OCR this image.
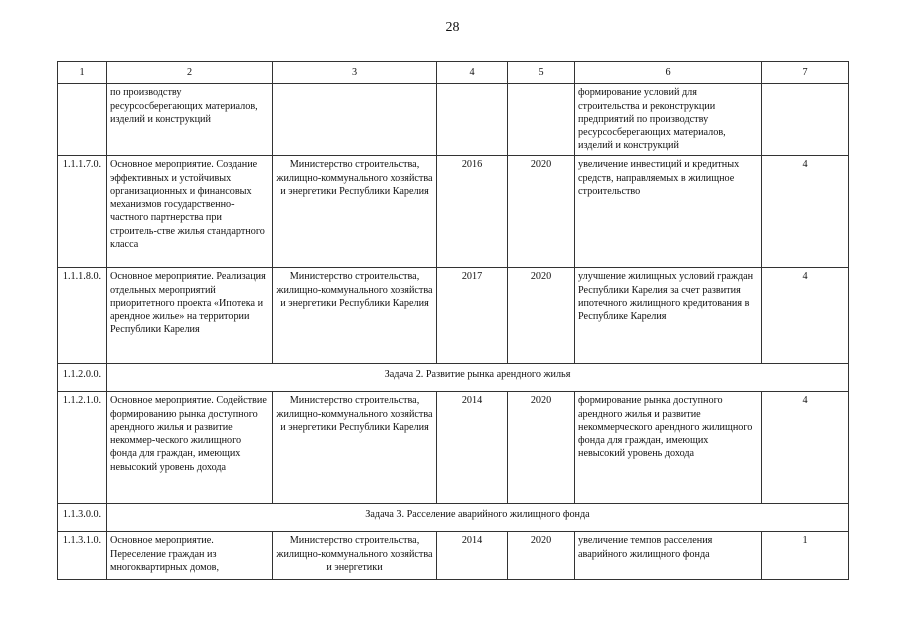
28
1	2	3	4	5	6	7
	по производству ресурсосберегающих материалов, изделий и конструкций				формирование условий для строительства и реконструкции предприятий по производству ресурсосберегающих материалов, изделий и конструкций	
1.1.1.7.0.	Основное мероприятие. Создание эффективных и устойчивых организационных и финансовых механизмов государственно-частного партнерства при строитель-стве жилья стандартного класса	Министерство строительства, жилищно-коммунального хозяйства и энергетики Республики Карелия	2016	2020	увеличение инвестиций и кредитных средств, направляемых в жилищное строительство	4
1.1.1.8.0.	Основное мероприятие. Реализация отдельных мероприятий приоритетного проекта «Ипотека и арендное жилье» на территории Республики Карелия	Министерство строительства, жилищно-коммунального хозяйства и энергетики Республики Карелия	2017	2020	улучшение жилищных условий граждан Республики Карелия за счет развития ипотечного жилищного кредитования в Республике Карелия	4
1.1.2.0.0.	Задача 2. Развитие рынка арендного жилья					
1.1.2.1.0.	Основное мероприятие. Содействие формированию рынка доступного арендного жилья и развитие некоммер-ческого жилищного фонда для граждан, имеющих невысокий уровень дохода	Министерство строительства, жилищно-коммунального хозяйства и энергетики Республики Карелия	2014	2020	формирование рынка доступного арендного жилья и развитие некоммерческого арендного жилищного фонда для граждан, имеющих невысокий уровень дохода	4
1.1.3.0.0.	Задача 3. Расселение аварийного жилищного фонда					
1.1.3.1.0.	Основное мероприятие. Переселение граждан из многоквартирных домов,	Министерство строительства, жилищно-коммунального хозяйства и энергетики	2014	2020	увеличение темпов расселения аварийного жилищного фонда	1
